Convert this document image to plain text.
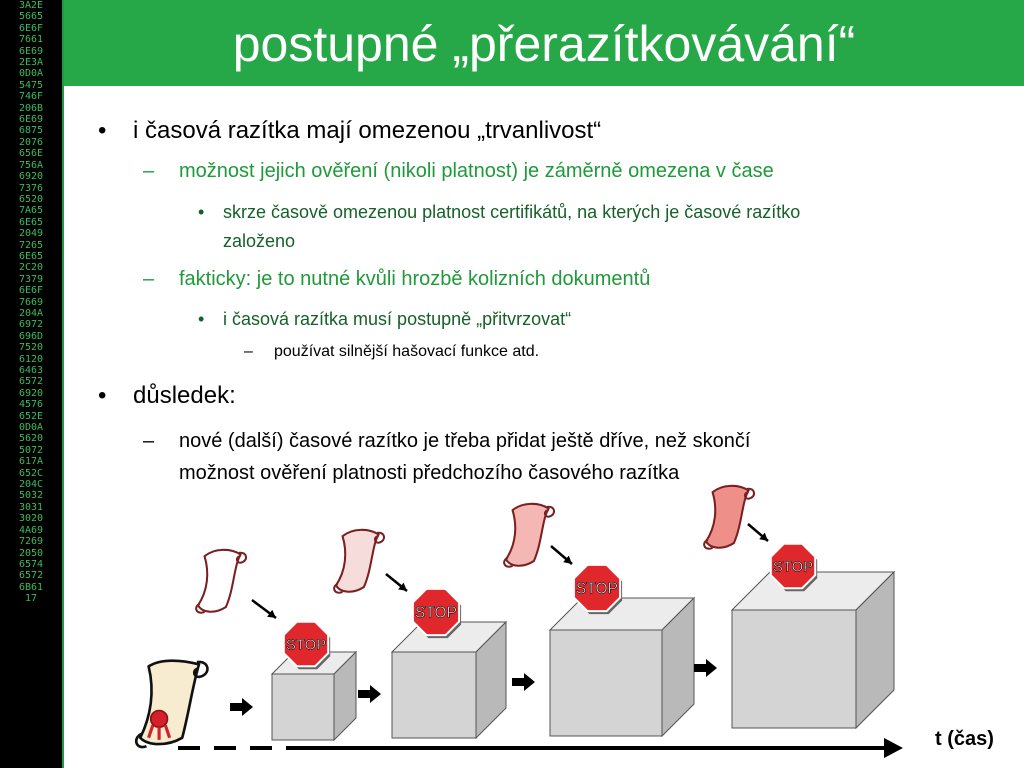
3A2E
5665
6E6F
7661
6E69
2E3A
0D0A
5475
746F
206B
6E69
6875
2076
656E
756A
6920
7376
6520
7A65
6E65
2049
7265
6E65
2C20
7379
6E6F
7669
204A
6972
696D
7520
6120
6463
6572
6920
4576
652E
0D0A
5620
5072
617A
652C
204C
5032
3031
3020
4A69
7269
2050
6574
6572
6B61
17
postupné „přerazítkovávání“
•
–
•
–
•
–
•
–
i časová razítka mají omezenou „trvanlivost“
možnost jejich ověření (nikoli platnost) je záměrně omezena v čase
skrze časově omezenou platnost certifikátů, na kterých je časové razítko
založeno
fakticky: je to nutné kvůli hrozbě kolizních dokumentů
i časová razítka musí postupně „přitvrzovat“
používat silnější hašovací funkce atd.
důsledek:
nové (další) časové razítko je třeba přidat ještě dříve, než skončí
možnost ověření platnosti předchozího časového razítka
STOP
STOP
STOP
STOP
t (čas)
